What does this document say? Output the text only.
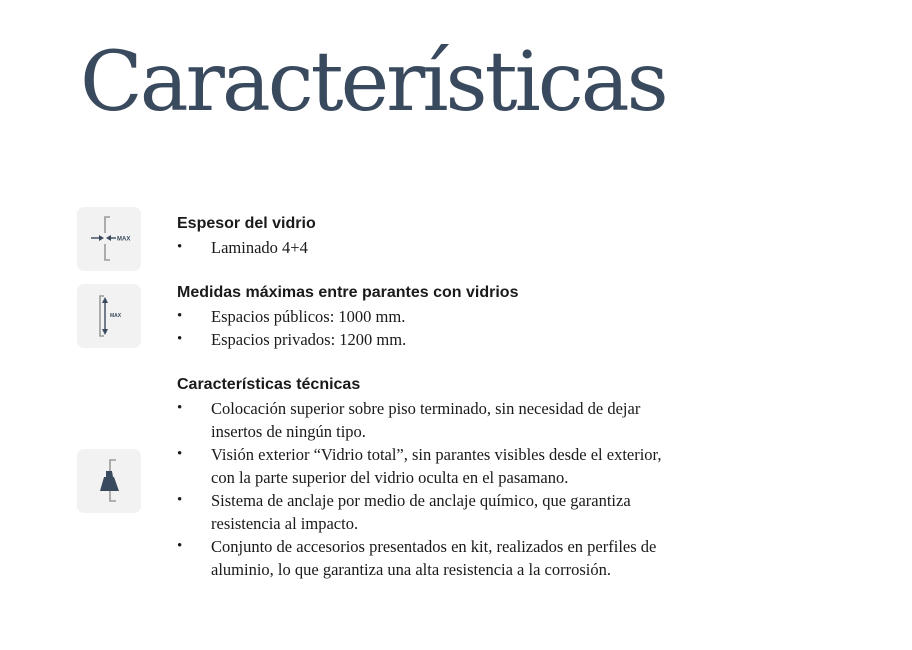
Características
MAX
MAX
Espesor del vidrio
• Laminado 4+4
Medidas máximas entre parantes con vidrios
• Espacios públicos: 1000 mm.
• Espacios privados: 1200 mm.
Características técnicas
• Colocación superior sobre piso terminado, sin necesidad de dejar insertos de ningún tipo.
• Visión exterior “Vidrio total”, sin parantes visibles desde el exterior, con la parte superior del vidrio oculta en el pasamano.
• Sistema de anclaje por medio de anclaje químico, que garantiza resistencia al impacto.
• Conjunto de accesorios presentados en kit, realizados en perfiles de aluminio, lo que garantiza una alta resistencia a la corrosión.
